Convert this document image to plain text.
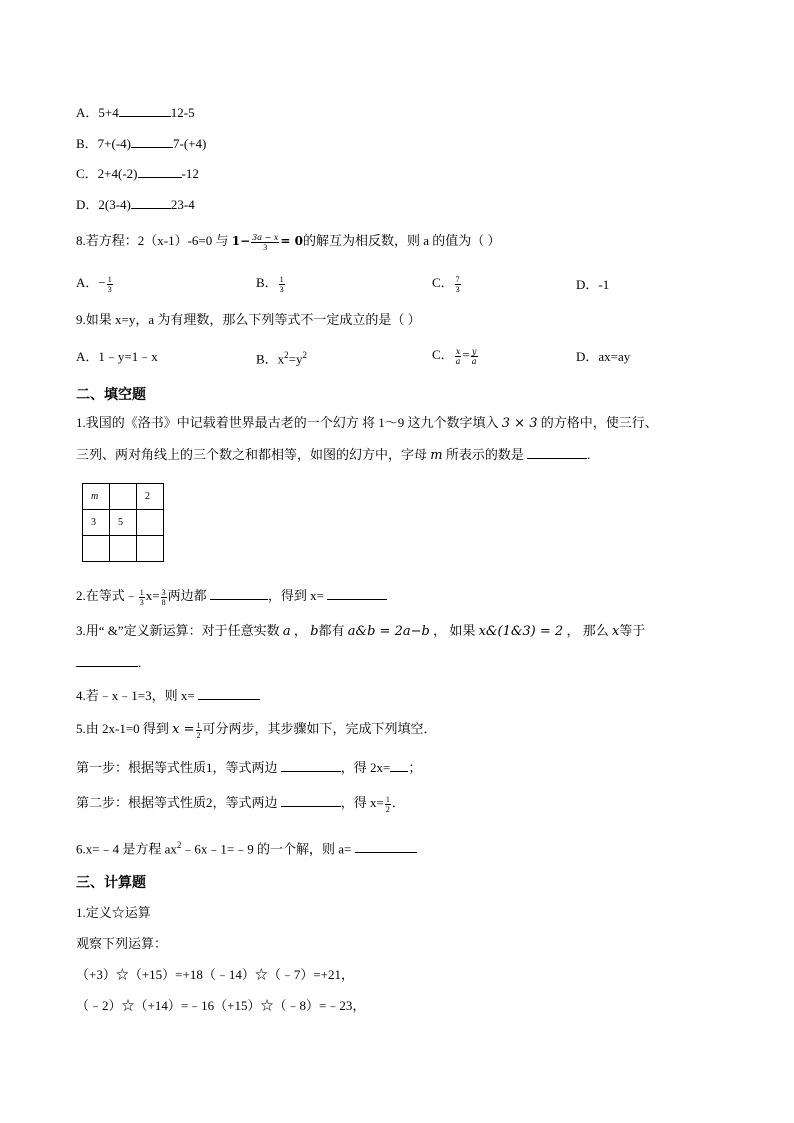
A．5+4	12-5
B．7+(-4)	7-(+4)
C．2+4(-2)	-12
D．2(3-4)	23-4
8.若方程：2（x-1）-6=0 与 $1- \frac{3a - x}{3} = 0$的解互为相反数，则 a 的值为（ ）
A．− $\frac{1}{3}$	B． $\frac{1}{3}$	C． $\frac{7}{3}$	D．-1
9.如果 x=y，a 为有理数，那么下列等式不一定成立的是（ ）
A．1﹣y=1﹣x	B．$x^2=y^2$	C． $\frac{x}{a} = \frac{y}{a}$	D．ax=ay
二、填空题
1.我国的《洛书》中记载着世界最古老的一个幻方 将 1～9 这九个数字填入 3 × 3 的方格中，使三行、
三列、两对角线上的三个数之和都相等，如图的幻方中，字母 m 所表示的数是	.
m		2
3	5	

2.在等式﹣ $\frac{1}{3} x= \frac{3}{8}$ 两边都	，得到 x=
3.用“ &”定义新运算：对于任意实数 a ， b都有 a&b = 2a−b ， 如果 x&(1&3) = 2 ， 那么 x等于
.
4.若﹣x﹣1=3，则 x=
5.由 2x-1=0 得到 $x = \frac{1}{2}$ 可分两步，其步骤如下，完成下列填空．
第一步：根据等式性质1，等式两边	，得 2x= ；
第二步：根据等式性质2，等式两边	，得 $x= \frac{1}{2}$ ．
6.x=﹣4 是方程 $ax^2﹣6x﹣1=﹣9$ 的一个解，则 a=
三、计算题
1.定义☆运算
观察下列运算：
（+3）☆（+15）=+18（﹣14）☆（﹣7）=+21，
（﹣2）☆（+14）=﹣16（+15）☆（﹣8）=﹣23，
